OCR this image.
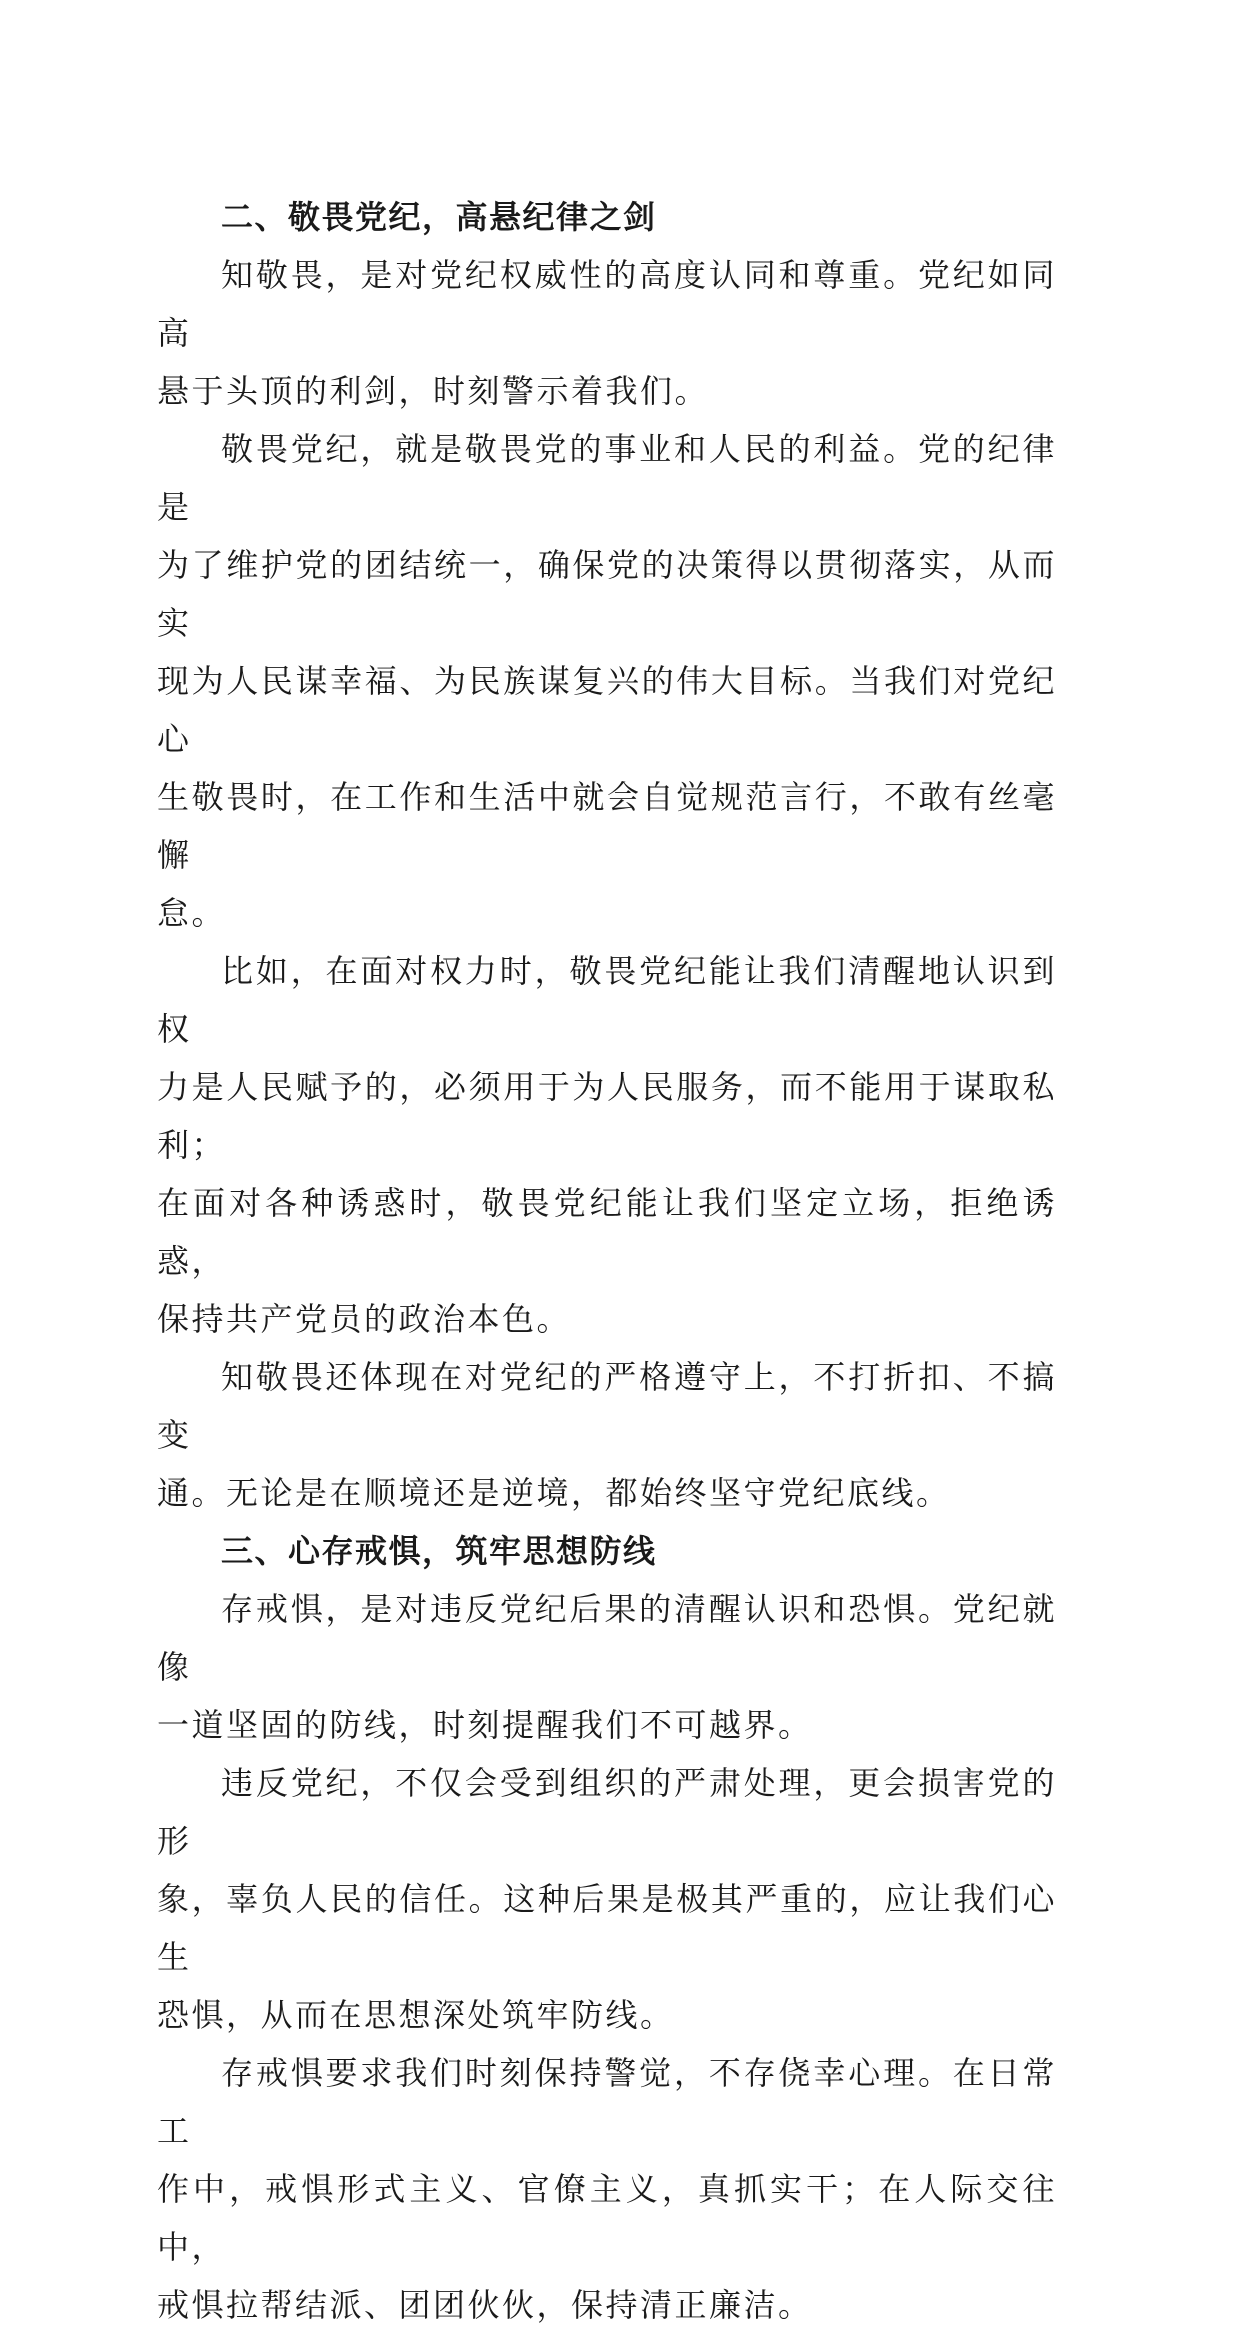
二、敬畏党纪，高悬纪律之剑

知敬畏，是对党纪权威性的高度认同和尊重。党纪如同高
悬于头顶的利剑，时刻警示着我们。

敬畏党纪，就是敬畏党的事业和人民的利益。党的纪律是
为了维护党的团结统一，确保党的决策得以贯彻落实，从而实
现为人民谋幸福、为民族谋复兴的伟大目标。当我们对党纪心
生敬畏时，在工作和生活中就会自觉规范言行，不敢有丝毫懈
怠。

比如，在面对权力时，敬畏党纪能让我们清醒地认识到权
力是人民赋予的，必须用于为人民服务，而不能用于谋取私利；
在面对各种诱惑时，敬畏党纪能让我们坚定立场，拒绝诱惑，
保持共产党员的政治本色。

知敬畏还体现在对党纪的严格遵守上，不打折扣、不搞变
通。无论是在顺境还是逆境，都始终坚守党纪底线。

三、心存戒惧，筑牢思想防线

存戒惧，是对违反党纪后果的清醒认识和恐惧。党纪就像
一道坚固的防线，时刻提醒我们不可越界。

违反党纪，不仅会受到组织的严肃处理，更会损害党的形
象，辜负人民的信任。这种后果是极其严重的，应让我们心生
恐惧，从而在思想深处筑牢防线。

存戒惧要求我们时刻保持警觉，不存侥幸心理。在日常工
作中，戒惧形式主义、官僚主义，真抓实干；在人际交往中，
戒惧拉帮结派、团团伙伙，保持清正廉洁。
